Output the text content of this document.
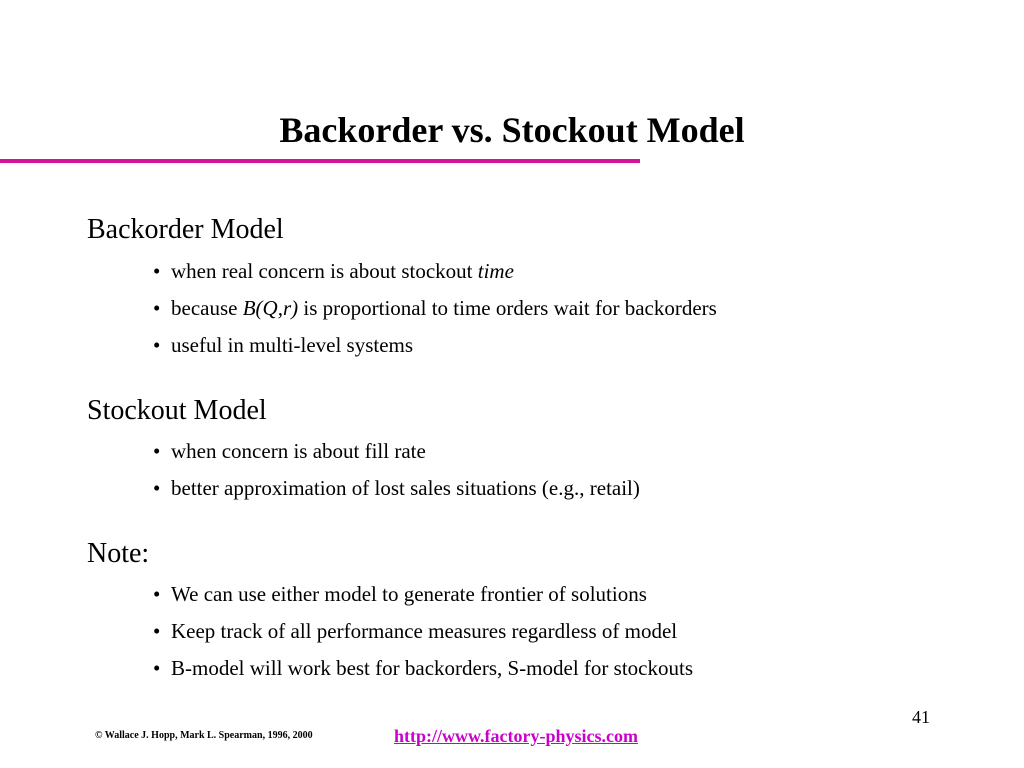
Backorder vs. Stockout Model
Backorder Model
• when real concern is about stockout time
• because B(Q,r) is proportional to time orders wait for backorders
• useful in multi-level systems
Stockout Model
• when concern is about fill rate
• better approximation of lost sales situations (e.g., retail)
Note:
• We can use either model to generate frontier of solutions
• Keep track of all performance measures regardless of model
• B-model will work best for backorders, S-model for stockouts
41
© Wallace J. Hopp, Mark L. Spearman, 1996, 2000	http://www.factory-physics.com
